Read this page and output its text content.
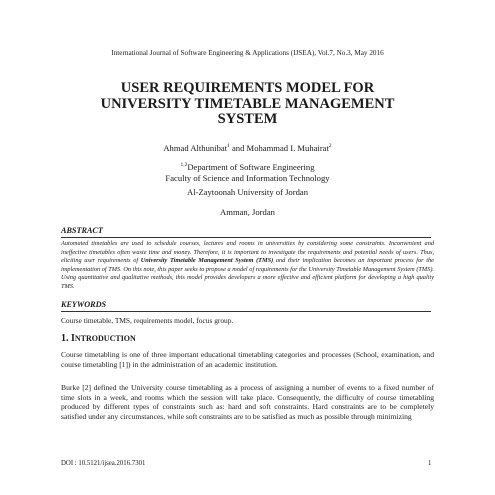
International Journal of Software Engineering & Applications (IJSEA), Vol.7, No.3, May 2016
USER REQUIREMENTS MODEL FOR
UNIVERSITY TIMETABLE MANAGEMENT
SYSTEM
Ahmad Althunibat$^1$ and Mohammad I. Muhairat$^2$
$^{1,2}$Department of Software Engineering
Faculty of Science and Information Technology
Al-Zaytoonah University of Jordan
Amman, Jordan
ABSTRACT

Automated timetables are used to schedule courses, lectures and rooms in universities by considering some constraints. Inconvenient and ineffective timetables often waste time and money. Therefore, it is important to investigate the requirements and potential needs of users. Thus, eliciting user requirements of University Timetable Management System (TMS) and their implication becomes an important process for the implementation of TMS. On this note, this paper seeks to propose a model of requirements for the University Timetable Management System (TMS). Using quantitative and qualitative methods, this model provides developers a more effective and efficient platform for developing a high quality TMS.

KEYWORDS
Course timetable, TMS, requirements model, focus group.
1. INTRODUCTION

Course timetabling is one of three important educational timetabling categories and processes (School, examination, and course timetabling [1]) in the administration of an academic institution.

Burke [2] defined the University course timetabling as a process of assigning a number of events to a fixed number of time slots in a week, and rooms which the session will take place. Consequently, the difficulty of course timetabling produced by different types of constraints such as: hard and soft constraints. Hard constraints are to be completely satisfied under any circumstances, while soft constraints are to be satisfied as much as possible through minimizing

DOI : 10.5121/ijsea.2016.7301	1
